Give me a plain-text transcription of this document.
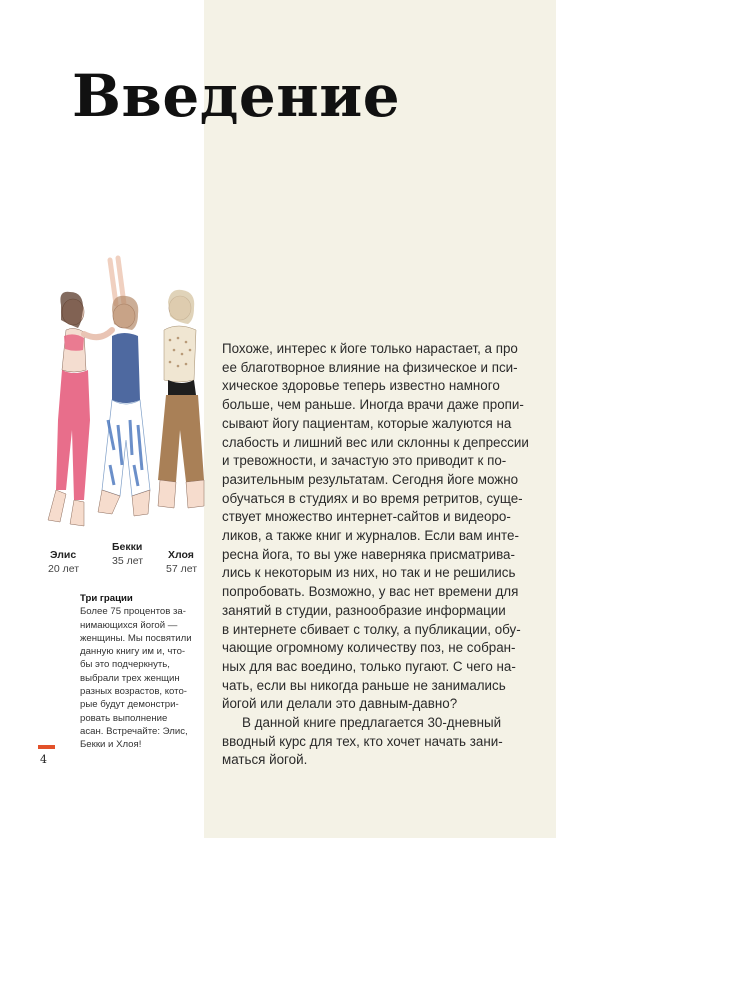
Введение
Элис
20 лет
Бекки
35 лет Хлоя
57 лет

Три грации

Более 75 процентов за-
нимающихся йогой —
женщины. Мы посвятили
данную книгу им и, что-
бы это подчеркнуть,
выбрали трех женщин
разных возрастов, кото-
рые будут демонстри-
ровать выполнение
асан. Встречайте: Элис,
Бекки и Хлоя!
4
Похоже, интерес к йоге только нарастает, а про
ее благотворное влияние на физическое и пси-
хическое здоровье теперь известно намного
больше, чем раньше. Иногда врачи даже пропи-
сывают йогу пациентам, которые жалуются на
слабость и лишний вес или склонны к депрессии
и тревожности, и зачастую это приводит к по-
разительным результатам. Сегодня йоге можно
обучаться в студиях и во время ретритов, суще-
ствует множество интернет-сайтов и видеоро-
ликов, а также книг и журналов. Если вам инте-
ресна йога, то вы уже наверняка присматрива-
лись к некоторым из них, но так и не решились
попробовать. Возможно, у вас нет времени для
занятий в студии, разнообразие информации
в интернете сбивает с толку, а публикации, обу-
чающие огромному количеству поз, не собран-
ных для вас воедино, только пугают. С чего на-
чать, если вы никогда раньше не занимались
йогой или делали это давным-давно?
В данной книге предлагается 30-дневный
вводный курс для тех, кто хочет начать зани-
маться йогой.
